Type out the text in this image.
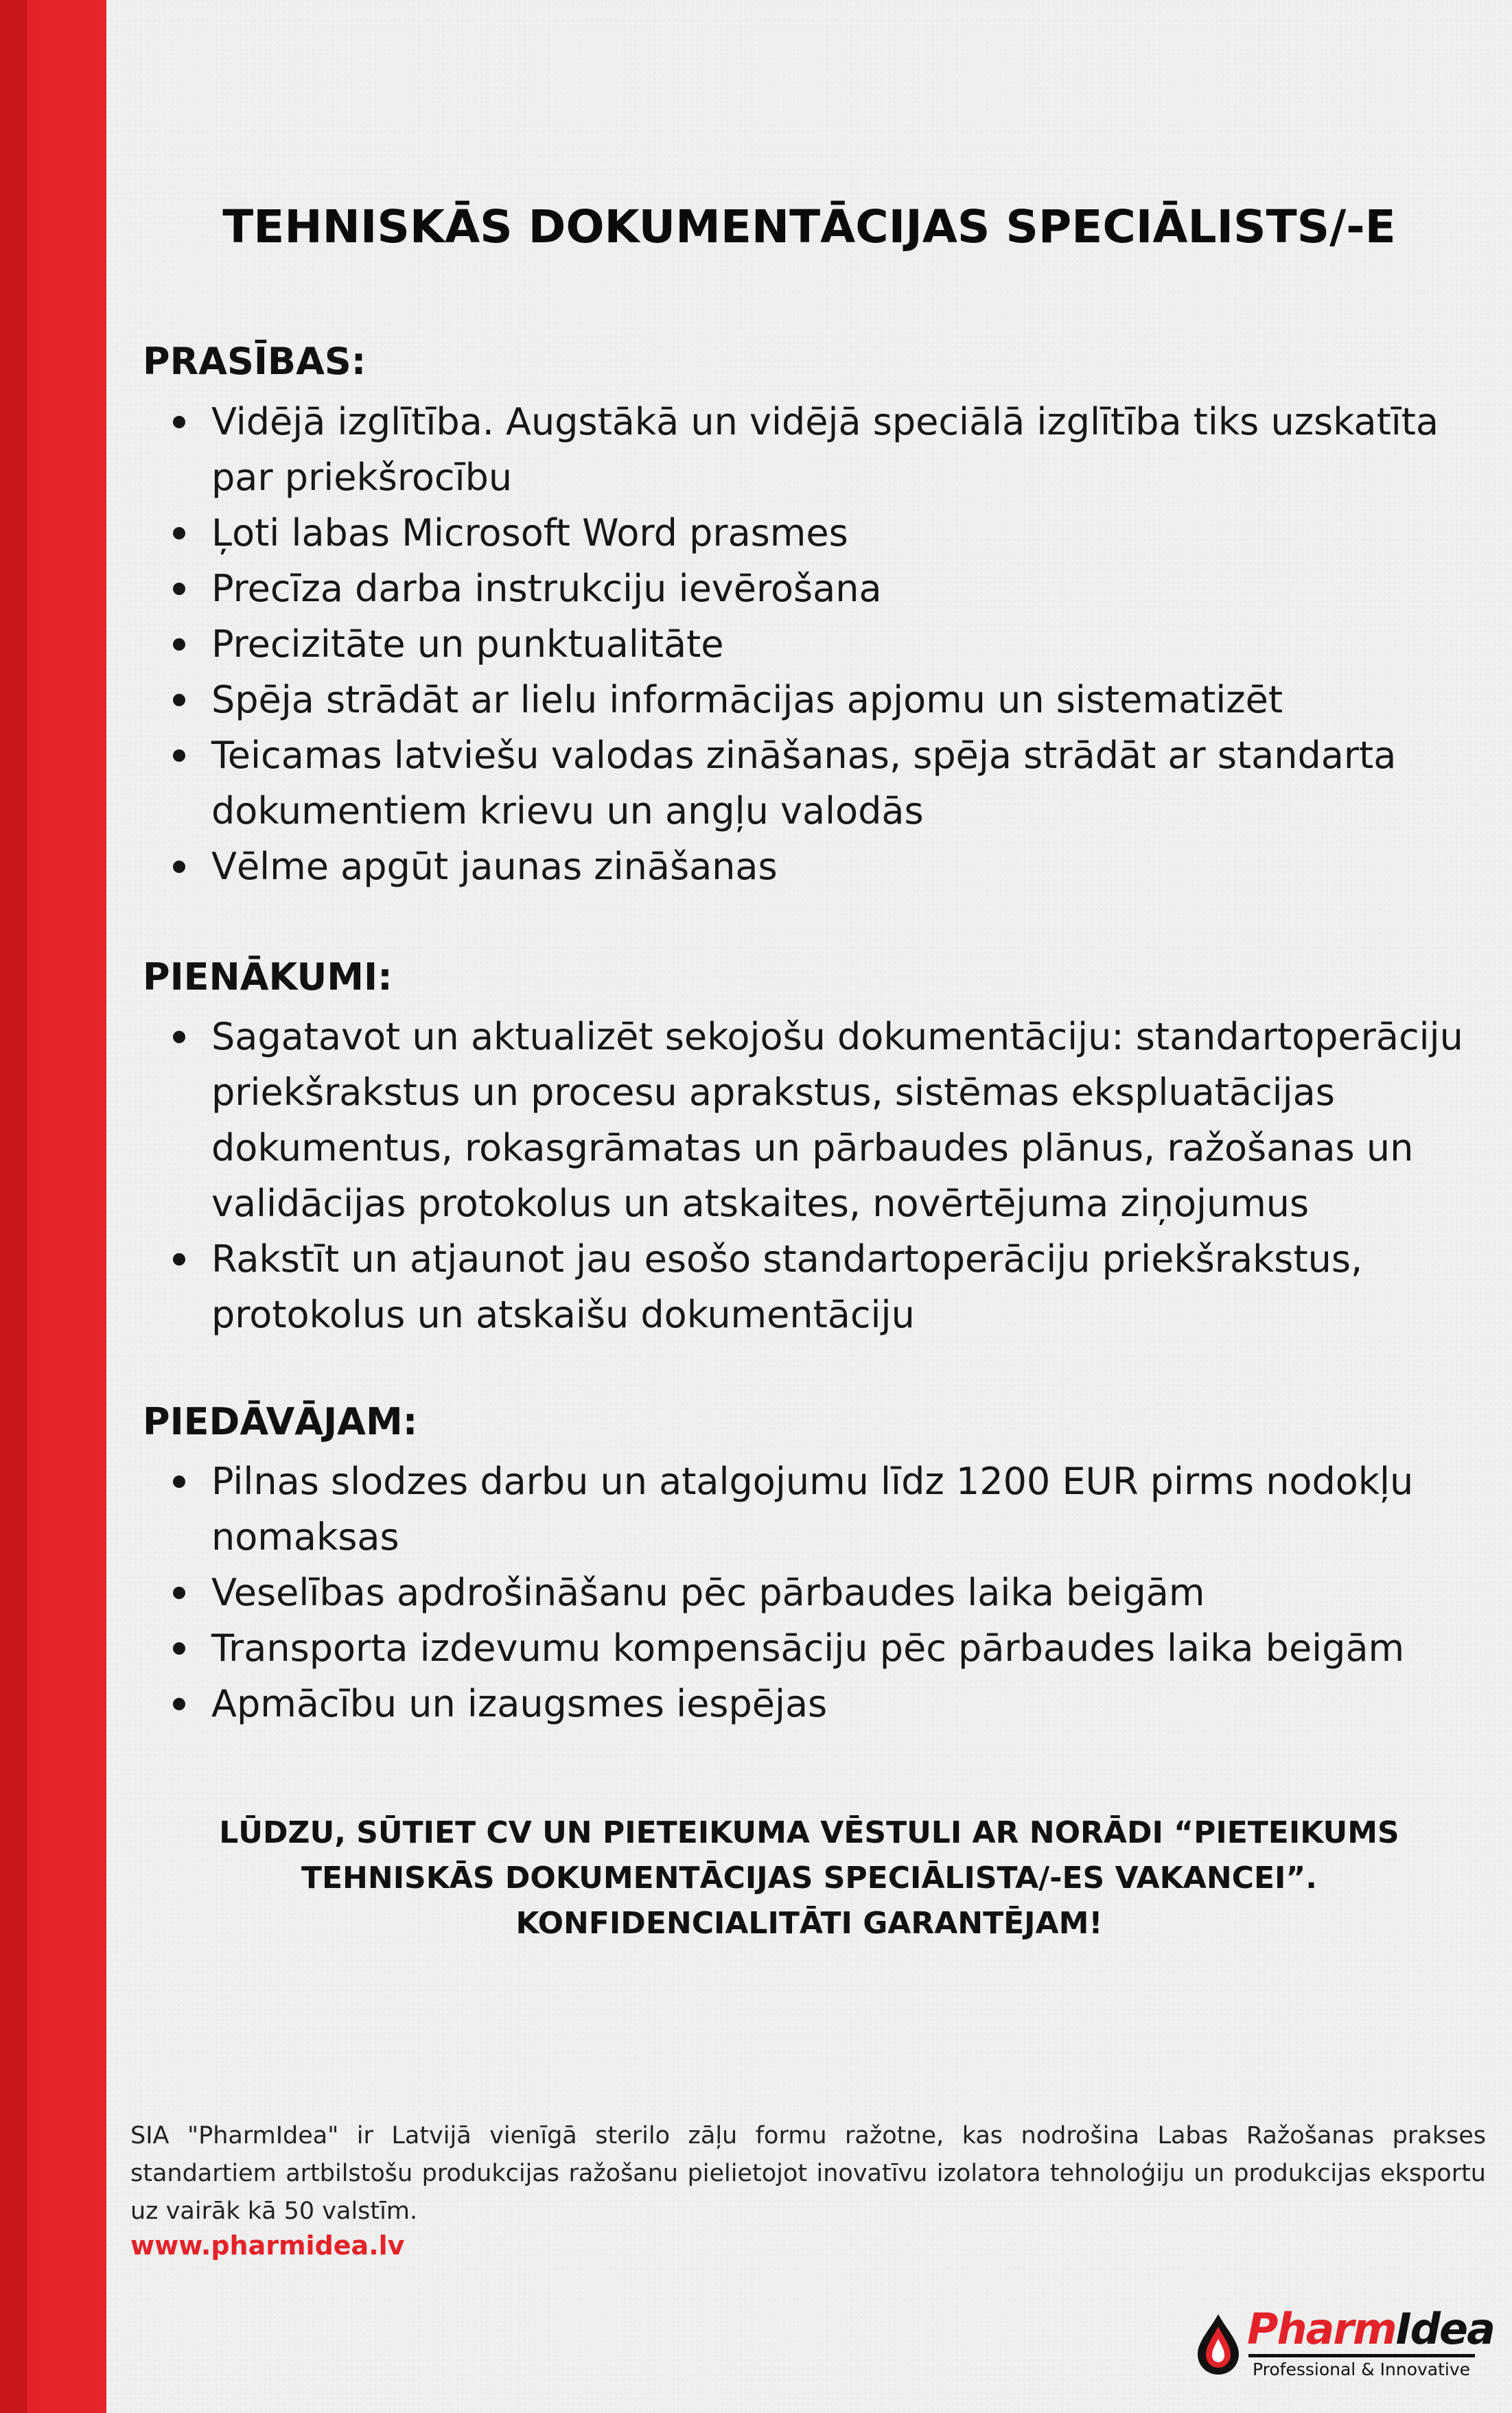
TEHNISKĀS DOKUMENTĀCIJAS SPECIĀLISTS/-E
PRASĪBAS:
Vidējā izglītība. Augstākā un vidējā speciālā izglītība tiks uzskatīta par priekšrocību
Ļoti labas Microsoft Word prasmes
Precīza darba instrukciju ievērošana
Precizitāte un punktualitāte
Spēja strādāt ar lielu informācijas apjomu un sistematizēt
Teicamas latviešu valodas zināšanas, spēja strādāt ar standarta dokumentiem krievu un angļu valodās
Vēlme apgūt jaunas zināšanas
PIENĀKUMI:
Sagatavot un aktualizēt sekojošu dokumentāciju: standartoperāciju priekšrakstus un procesu aprakstus, sistēmas ekspluatācijas dokumentus, rokasgrāmatas un pārbaudes plānus, ražošanas un validācijas protokolus un atskaites, novērtējuma ziņojumus
Rakstīt un atjaunot jau esošo standartoperāciju priekšrakstus, protokolus un atskaišu dokumentāciju
PIEDĀVĀJAM:
Pilnas slodzes darbu un atalgojumu līdz 1200 EUR pirms nodokļu nomaksas
Veselības apdrošināšanu pēc pārbaudes laika beigām
Transporta izdevumu kompensāciju pēc pārbaudes laika beigām
Apmācību un izaugsmes iespējas
LŪDZU, SŪTIET CV UN PIETEIKUMA VĒSTULI AR NORĀDI “PIETEIKUMS
TEHNISKĀS DOKUMENTĀCIJAS SPECIĀLISTA/-ES VAKANCEI”.
KONFIDENCIALITĀTI GARANTĒJAM!
SIA "PharmIdea" ir Latvijā vienīgā sterilo zāļu formu ražotne, kas nodrošina Labas Ražošanas prakses standartiem artbilstošu produkcijas ražošanu pielietojot inovatīvu izolatora tehnoloģiju un produkcijas eksportu uz vairāk kā 50 valstīm.
www.pharmidea.lv
PharmIdea
Professional & Innovative
